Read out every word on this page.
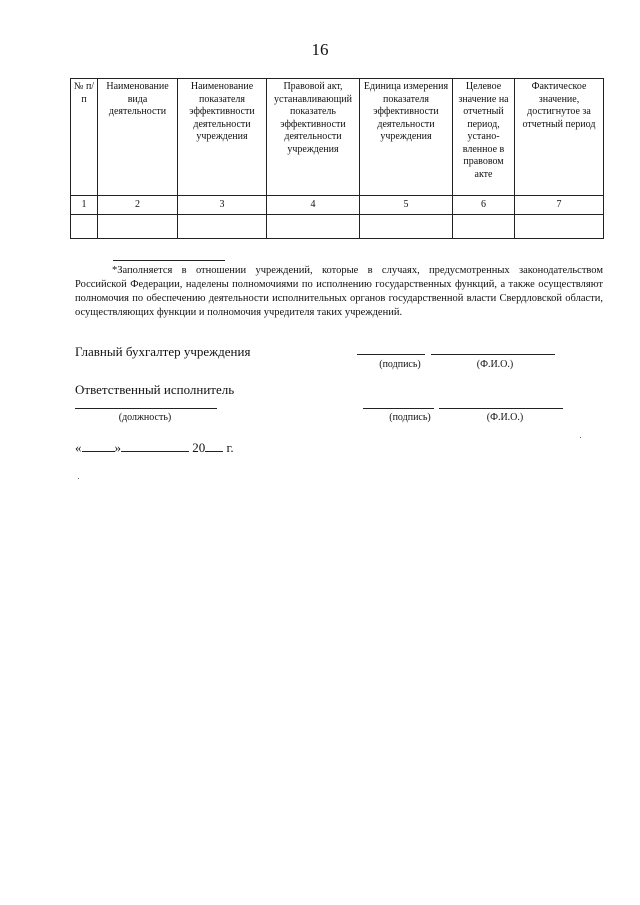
16
№ п/п	Наименование вида деятельности	Наименование показателя эффективности деятельности учреждения	Правовой акт, устанавливающий показатель эффективности деятельности учреждения	Единица измерения показателя эффективности деятельности учреждения	Целевое значение на отчетный период, устано-вленное в правовом акте	Фактическое значение, достигнутое за отчетный период
1	2	3	4	5	6	7

*Заполняется в отношении учреждений, которые в случаях, предусмотренных законодательством Российской Федерации, наделены полномочиями по исполнению государственных функций, а также осуществляют полномочия по обеспечению деятельности исполнительных органов государственной власти Свердловской области, осуществляющих функции и полномочия учредителя таких учреждений.
Главный бухгалтер учреждения
(подпись)	(Ф.И.О.)
Ответственный исполнитель
(должность)	(подпись)	(Ф.И.О.)
«	»	20 г.
